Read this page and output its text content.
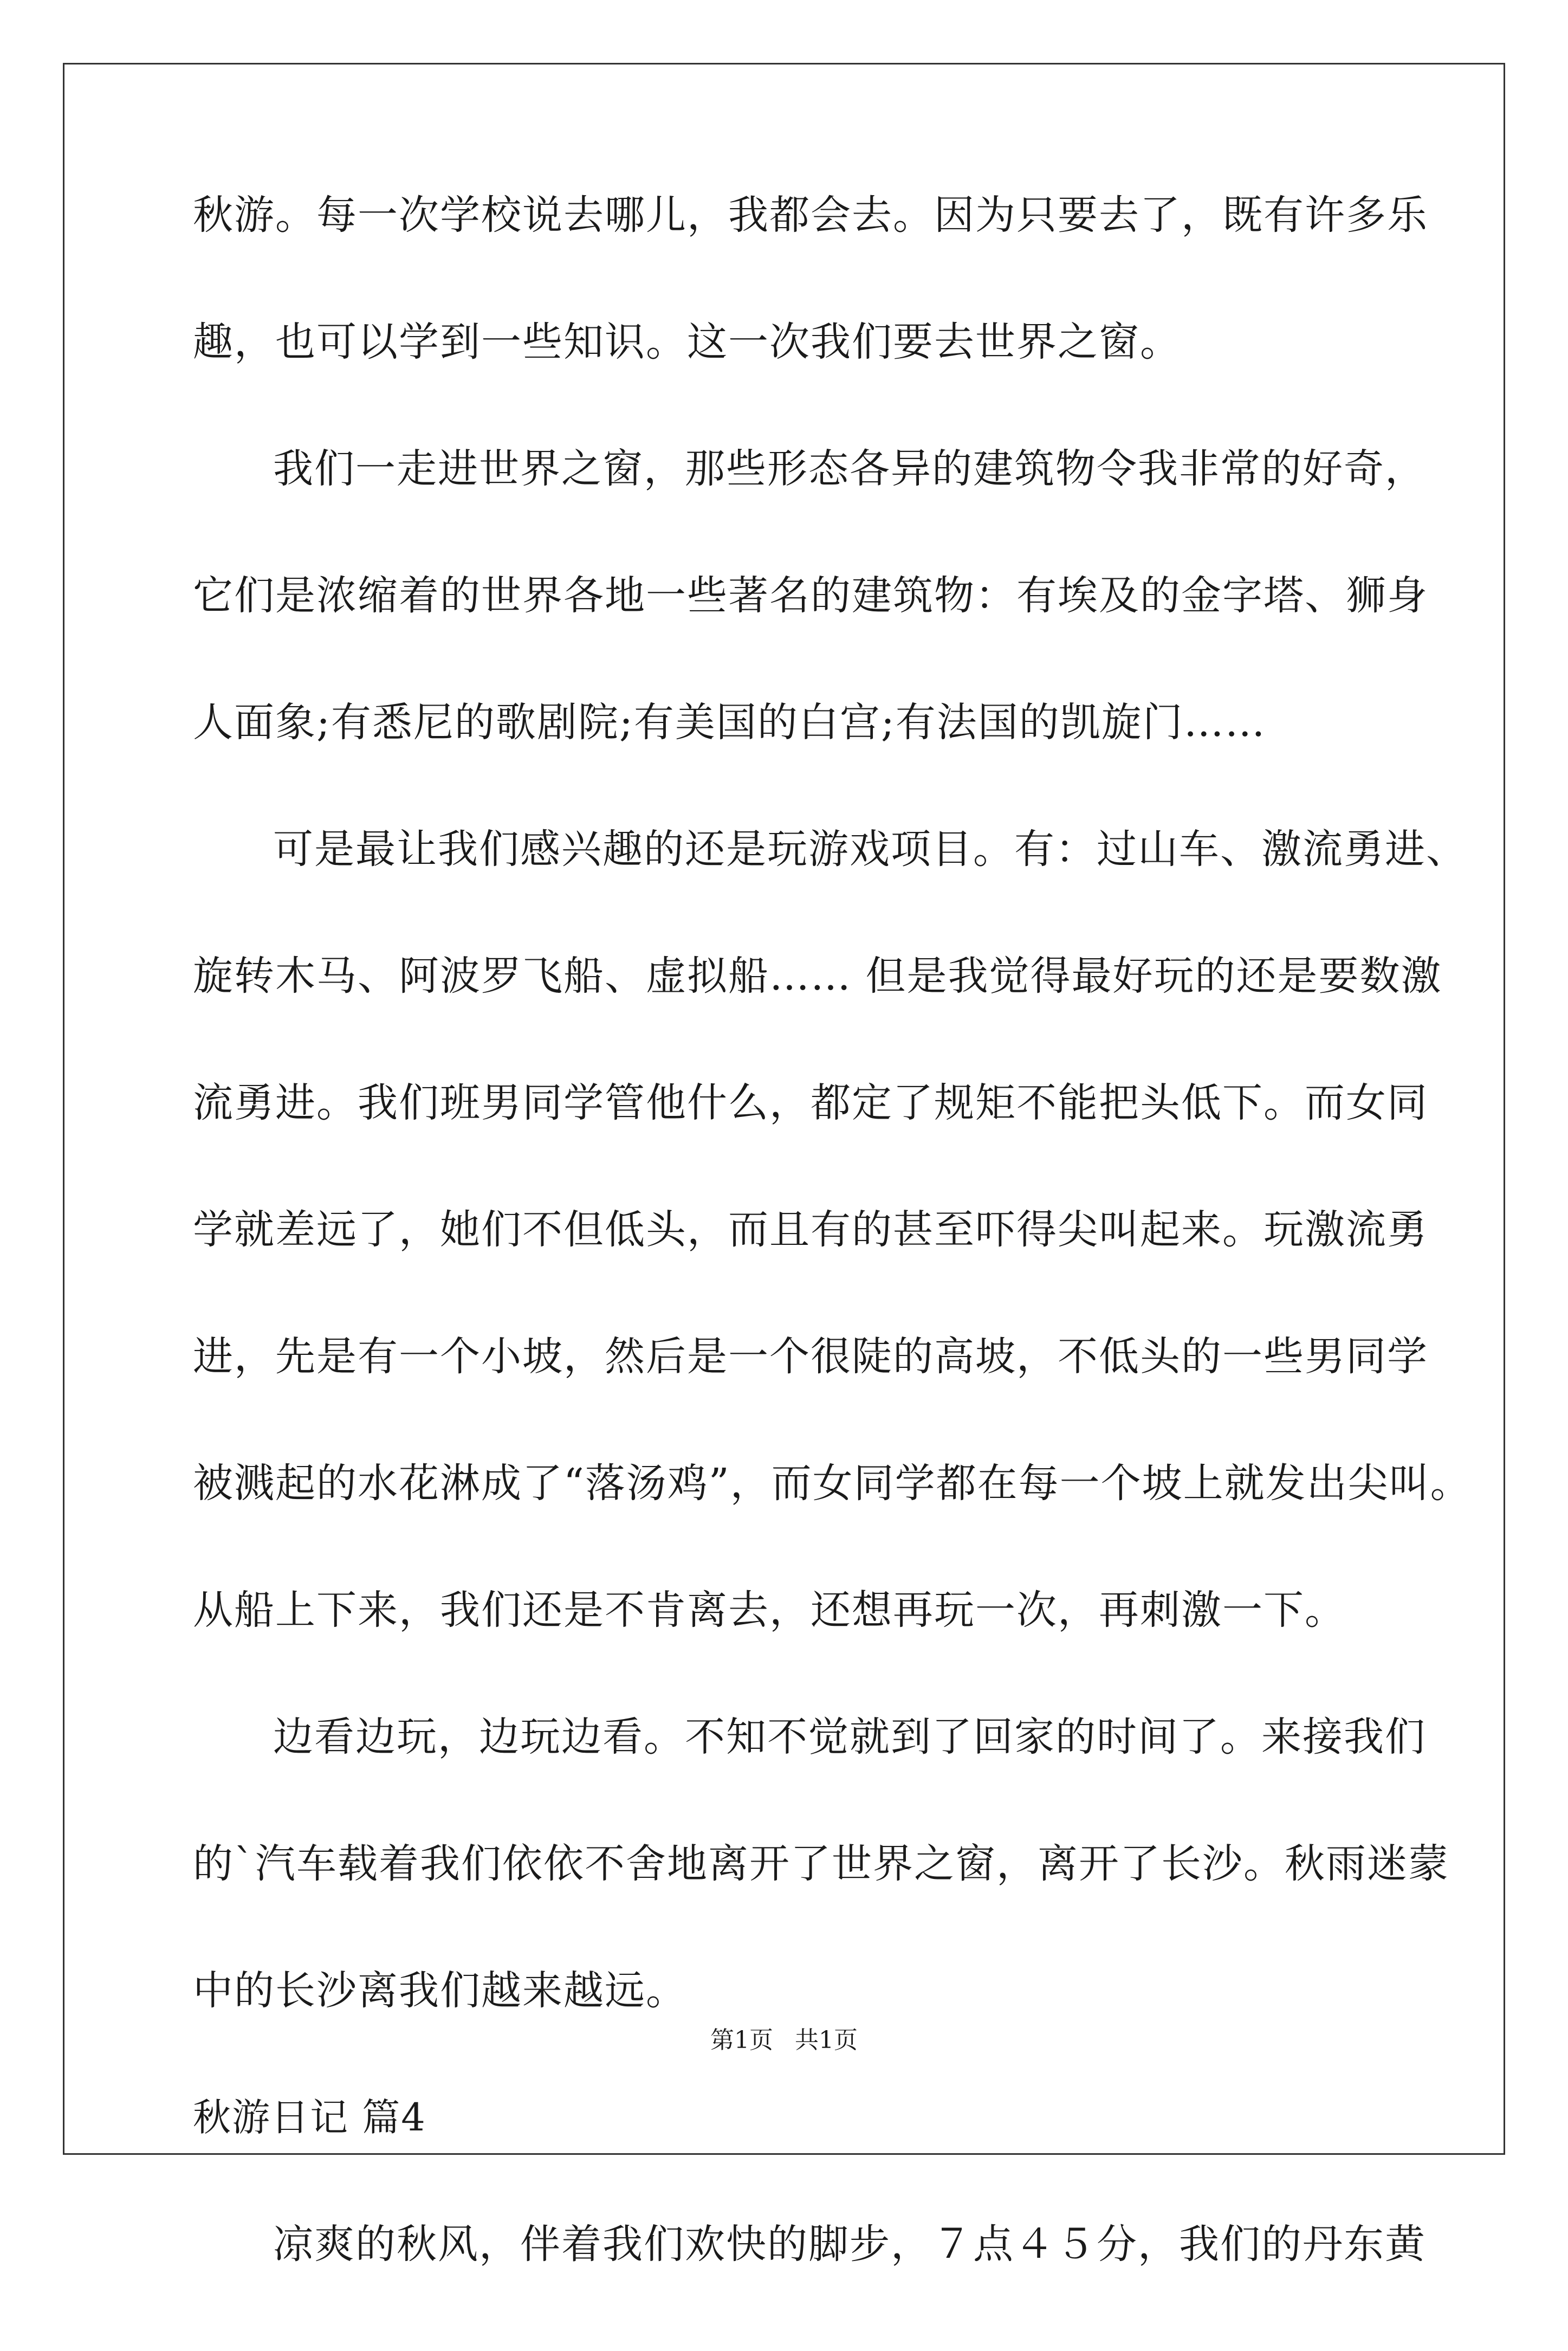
秋游。每一次学校说去哪儿，我都会去。因为只要去了，既有许多乐
趣，也可以学到一些知识。这一次我们要去世界之窗。
我们一走进世界之窗，那些形态各异的建筑物令我非常的好奇，
它们是浓缩着的世界各地一些著名的建筑物：有埃及的金字塔、狮身
人面象;有悉尼的歌剧院;有美国的白宫;有法国的凯旋门……
可是最让我们感兴趣的还是玩游戏项目。有：过山车、激流勇进、
旋转木马、阿波罗飞船、虚拟船…… 但是我觉得最好玩的还是要数激
流勇进。我们班男同学管他什么，都定了规矩不能把头低下。而女同
学就差远了，她们不但低头，而且有的甚至吓得尖叫起来。玩激流勇
进，先是有一个小坡，然后是一个很陡的高坡，不低头的一些男同学
被溅起的水花淋成了“落汤鸡”，而女同学都在每一个坡上就发出尖叫。
从船上下来，我们还是不肯离去，还想再玩一次，再刺激一下。
边看边玩，边玩边看。不知不觉就到了回家的时间了。来接我们
的`汽车载着我们依依不舍地离开了世界之窗，离开了长沙。秋雨迷蒙
中的长沙离我们越来越远。
秋游日记 篇4
凉爽的秋风，伴着我们欢快的脚步，７点４５分，我们的丹东黄
第1页 共1页
